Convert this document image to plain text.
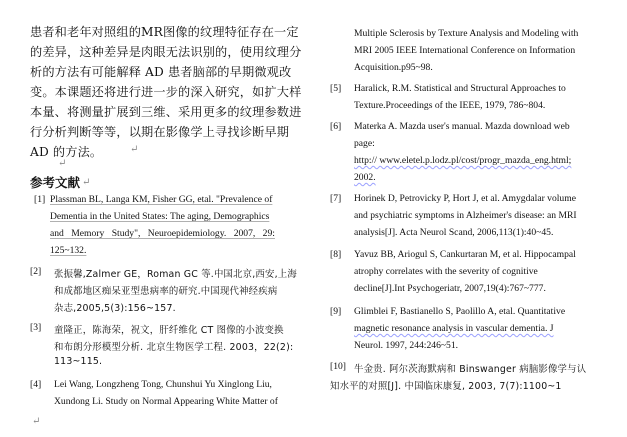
患者和老年对照组的MR图像的纹理特征存在一定
的差异，这种差异是肉眼无法识别的，使用纹理分
析的方法有可能解释 AD 患者脑部的早期微观改
变。本课题还将进行进一步的深入研究，如扩大样
本量、将测量扩展到三维、采用更多的纹理参数进
行分析判断等等，以期在影像学上寻找诊断早期
AD 的方法。	↵
↵
参考文献 ↵
[1] Plassman BL, Langa KM, Fisher GG, etal. "Prevalence of
Dementia in the United States: The aging, Demographics
and Memory Study", Neuroepidemiology. 2007, 29:
125~132.
[2] 张振馨,Zalmer GE，Roman GC 等.中国北京,西安,上海
和成都地区痴呆亚型患病率的研究.中国现代神经疾病
杂志,2005,5(3):156~157.
[3] 童隆正，陈海荣，祝文，肝纤维化 CT 图像的小波变换
和布朗分形模型分析. 北京生物医学工程. 2003，22(2):
113~115.
[4] Lei Wang, Longzheng Tong, Chunshui Yu Xinglong Liu,
Xundong Li. Study on Normal Appearing White Matter of
↵
Multiple Sclerosis by Texture Analysis and Modeling with
MRI 2005 IEEE International Conference on Information
Acquisition.p95~98.
[5] Haralick, R.M. Statistical and Structural Approaches to
Texture.Proceedings of the IEEE, 1979, 786~804.
[6] Materka A. Mazda user's manual. Mazda download web
page:
http:// www.eletel.p.lodz.pl/cost/progr_mazda_eng.html;
2002.
[7] Horinek D, Petrovicky P, Hort J, et al. Amygdalar volume
and psychiatric symptoms in Alzheimer's disease: an MRI
analysis[J]. Acta Neurol Scand, 2006,113(1):40~45.
[8] Yavuz BB, Ariogul S, Cankurtaran M, et al. Hippocampal
atrophy correlates with the severity of cognitive
decline[J].Int Psychogeriatr, 2007,19(4):767~777.
[9] Glimblei F, Bastianello S, Paolillo A, etal. Quantitative
magnetic resonance analysis in vascular dementia. J
Neurol. 1997, 244:246~51.
[10] 牛金贵. 阿尔茨海默病和 Binswanger 病脑影像学与认
知水平的对照[J]. 中国临床康复, 2003, 7(7):1100~1
